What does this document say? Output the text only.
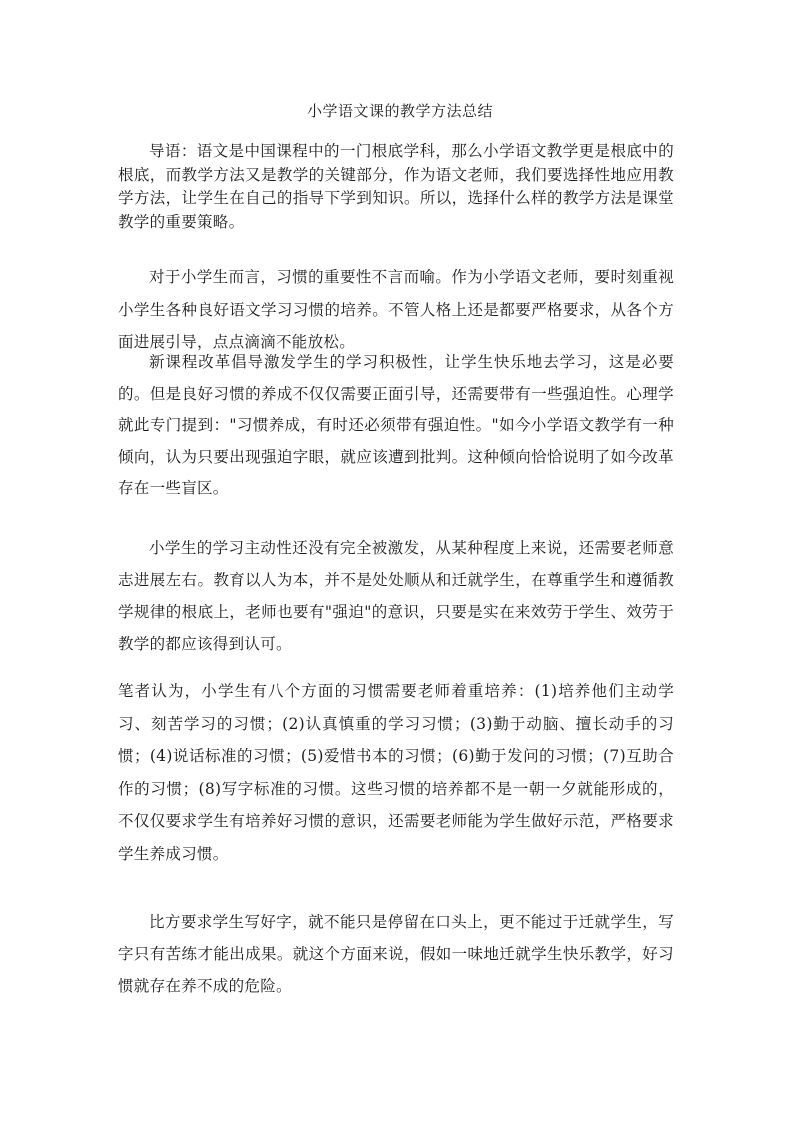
小学语文课的教学方法总结

导语：语文是中国课程中的一门根底学科，那么小学语文教学更是根底中的根底，而教学方法又是教学的关键部分，作为语文老师，我们要选择性地应用教学方法，让学生在自己的指导下学到知识。所以，选择什么样的教学方法是课堂教学的重要策略。

对于小学生而言，习惯的重要性不言而喻。作为小学语文老师，要时刻重视小学生各种良好语文学习习惯的培养。不管人格上还是都要严格要求，从各个方面进展引导，点点滴滴不能放松。

新课程改革倡导激发学生的学习积极性，让学生快乐地去学习，这是必要的。但是良好习惯的养成不仅仅需要正面引导，还需要带有一些强迫性。心理学就此专门提到："习惯养成，有时还必须带有强迫性。"如今小学语文教学有一种倾向，认为只要出现强迫字眼，就应该遭到批判。这种倾向恰恰说明了如今改革存在一些盲区。

小学生的学习主动性还没有完全被激发，从某种程度上来说，还需要老师意志进展左右。教育以人为本，并不是处处顺从和迁就学生，在尊重学生和遵循教学规律的根底上，老师也要有"强迫"的意识，只要是实在来效劳于学生、效劳于教学的都应该得到认可。

笔者认为，小学生有八个方面的习惯需要老师着重培养：(1)培养他们主动学习、刻苦学习的习惯；(2)认真慎重的学习习惯；(3)勤于动脑、擅长动手的习惯；(4)说话标准的习惯；(5)爱惜书本的习惯；(6)勤于发问的习惯；(7)互助合作的习惯；(8)写字标准的习惯。这些习惯的培养都不是一朝一夕就能形成的，不仅仅要求学生有培养好习惯的意识，还需要老师能为学生做好示范，严格要求学生养成习惯。

比方要求学生写好字，就不能只是停留在口头上，更不能过于迁就学生，写字只有苦练才能出成果。就这个方面来说，假如一味地迁就学生快乐教学，好习惯就存在养不成的危险。
